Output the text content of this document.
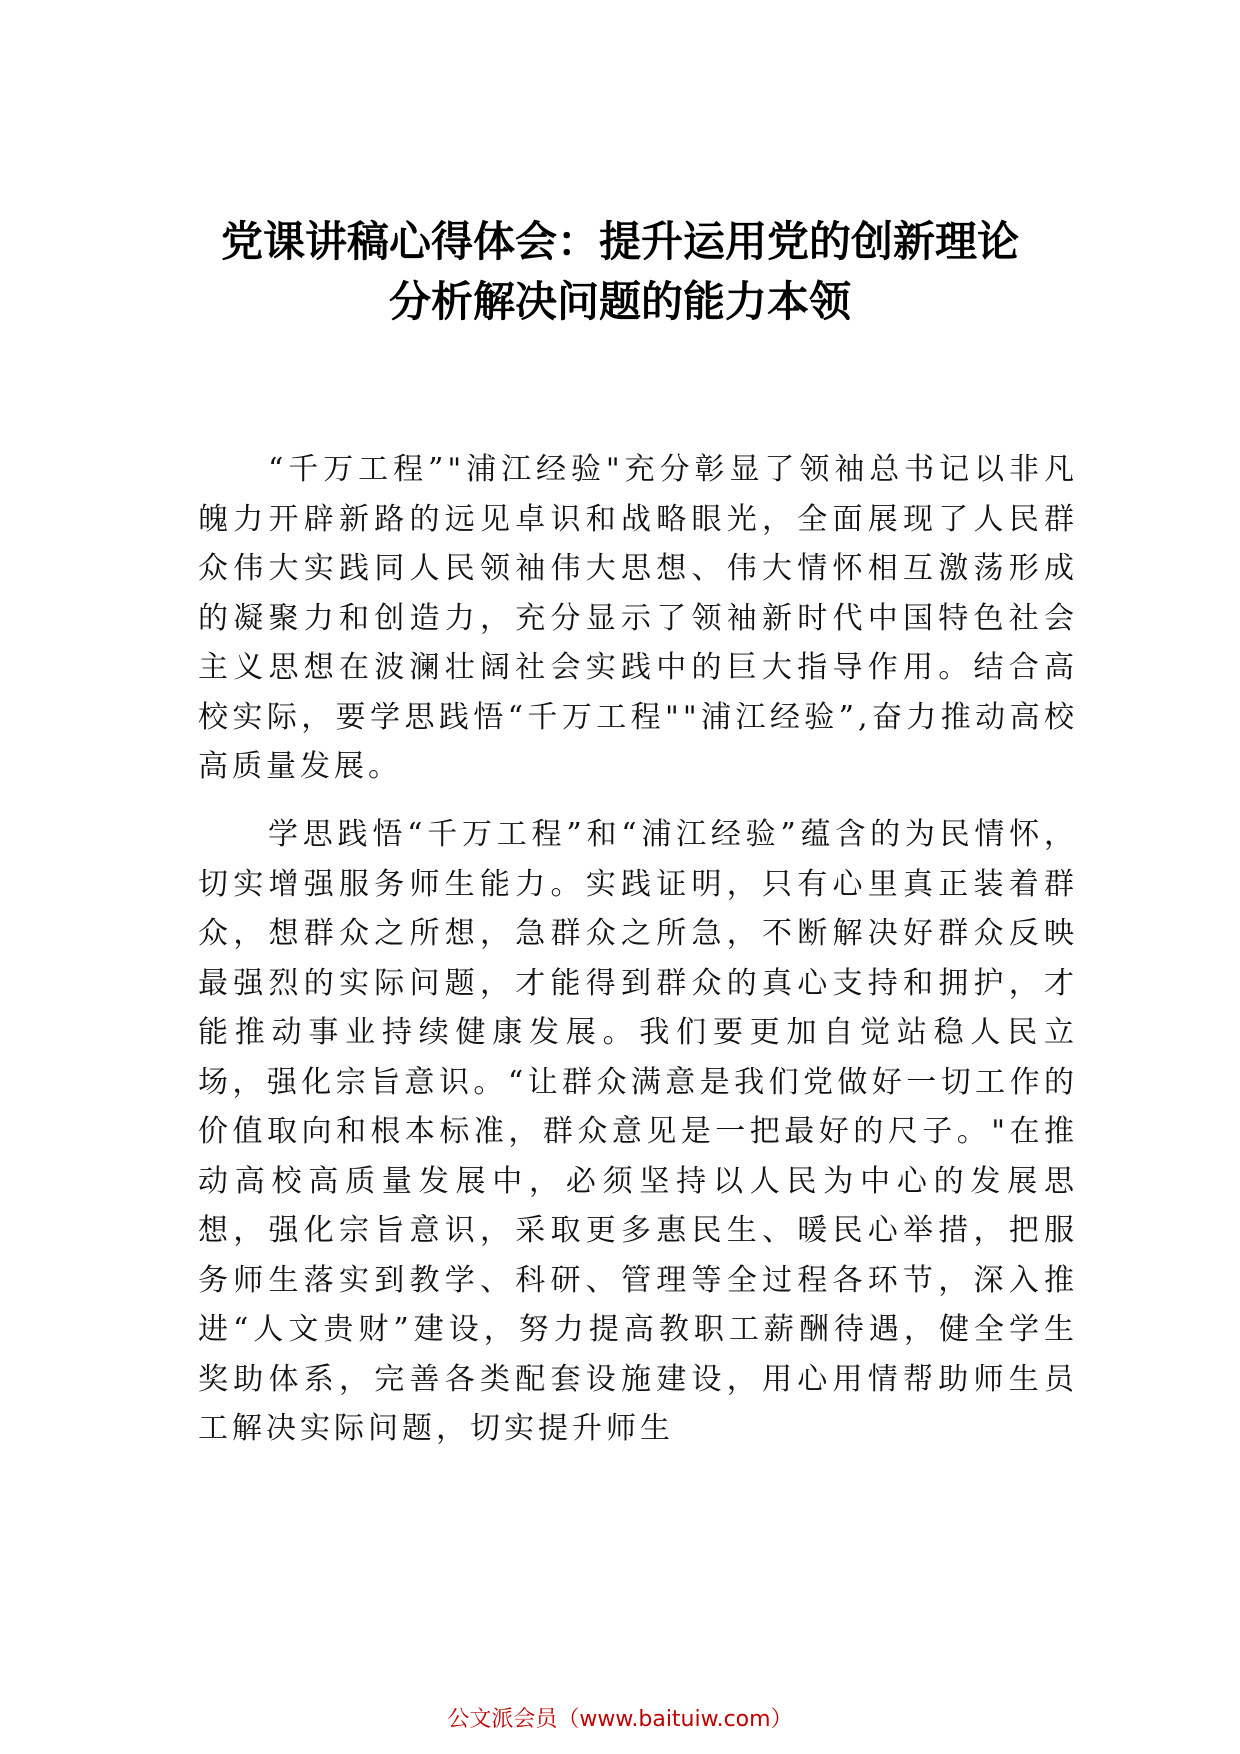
党课讲稿心得体会：提升运用党的创新理论
分析解决问题的能力本领

“千万工程”"浦江经验"充分彰显了领袖总书记以非凡魄力开辟新路的远见卓识和战略眼光，全面展现了人民群众伟大实践同人民领袖伟大思想、伟大情怀相互激荡形成的凝聚力和创造力，充分显示了领袖新时代中国特色社会主义思想在波澜壮阔社会实践中的巨大指导作用。结合高校实际，要学思践悟“千万工程""浦江经验”,奋力推动高校高质量发展。

学思践悟“千万工程”和“浦江经验”蕴含的为民情怀，切实增强服务师生能力。实践证明，只有心里真正装着群众，想群众之所想，急群众之所急，不断解决好群众反映最强烈的实际问题，才能得到群众的真心支持和拥护，才能推动事业持续健康发展。我们要更加自觉站稳人民立场，强化宗旨意识。“让群众满意是我们党做好一切工作的价值取向和根本标准，群众意见是一把最好的尺子。"在推动高校高质量发展中，必须坚持以人民为中心的发展思想，强化宗旨意识，采取更多惠民生、暖民心举措，把服务师生落实到教学、科研、管理等全过程各环节，深入推进“人文贵财”建设，努力提高教职工薪酬待遇，健全学生奖助体系，完善各类配套设施建设，用心用情帮助师生员工解决实际问题，切实提升师生

公文派会员（www.baituiw.com）
